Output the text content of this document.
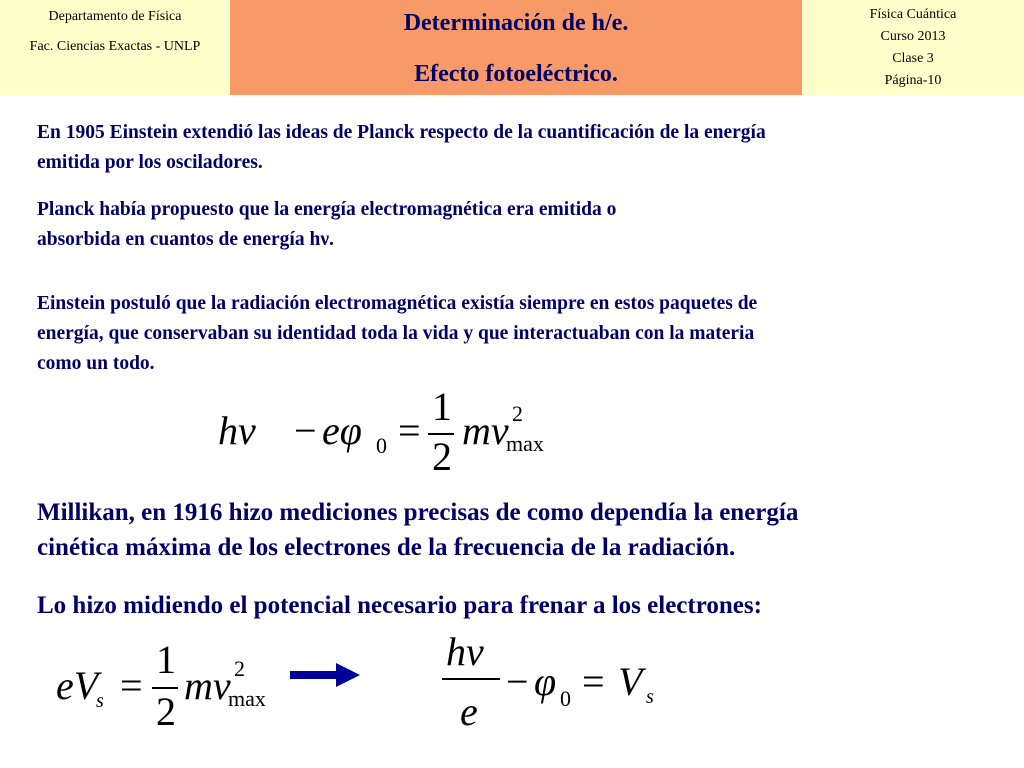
Departamento de Física
Fac. Ciencias Exactas - UNLP
Determinación de h/e.
Efecto fotoeléctrico.
Física Cuántica
Curso 2013
Clase 3
Página-10
En 1905 Einstein extendió las ideas de Planck respecto de la cuantificación de la energía
emitida por los osciladores.
Planck había propuesto que la energía electromagnética era emitida o
absorbida en cuantos de energía hν.
Einstein postuló que la radiación electromagnética existía siempre en estos paquetes de
energía, que conservaban su identidad toda la vida y que interactuaban con la materia
como un todo.
hν − eφ 0 =
1
2
mv 2
max
Millikan, en 1916 hizo mediciones precisas de como dependía la energía
cinética máxima de los electrones de la frecuencia de la radiación.
Lo hizo midiendo el potencial necesario para frenar a los electrones:
eV
s =
1
2
mv 2
max
hν
e
− φ 0 = V s
